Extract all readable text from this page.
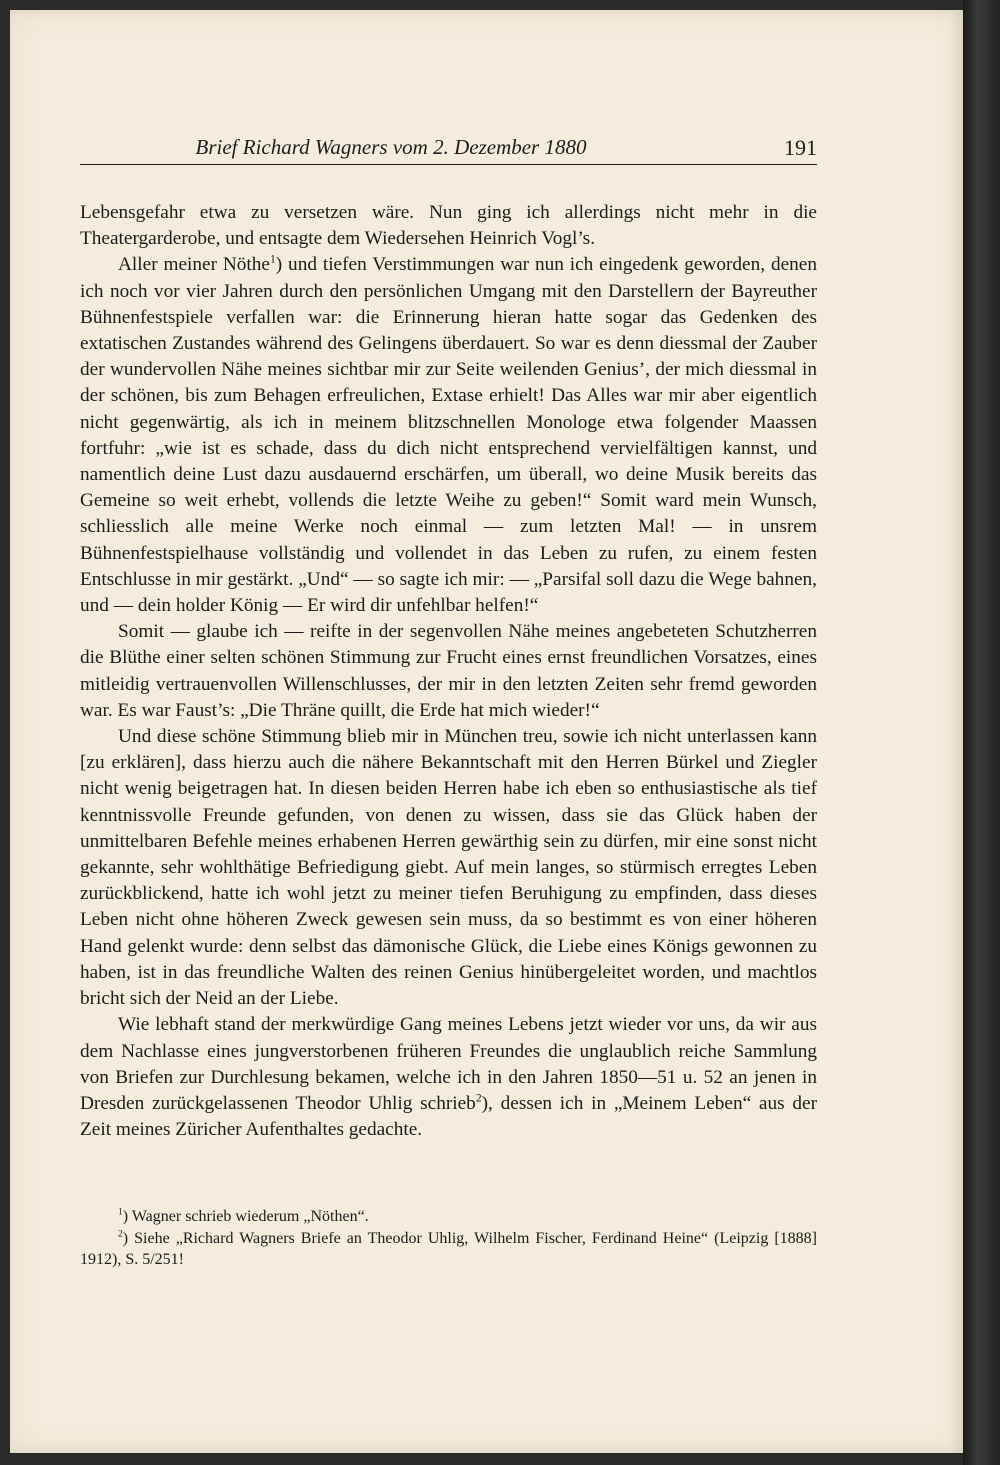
Brief Richard Wagners vom 2. Dezember 1880	191

Lebensgefahr etwa zu versetzen wäre. Nun ging ich allerdings nicht mehr in die Theatergarderobe, und entsagte dem Wiedersehen Heinrich Vogl’s.

Aller meiner Nöthe$^1$) und tiefen Verstimmungen war nun ich eingedenk geworden, denen ich noch vor vier Jahren durch den persönlichen Umgang mit den Darstellern der Bayreuther Bühnenfestspiele verfallen war: die Erinnerung hieran hatte sogar das Gedenken des extatischen Zustandes während des Gelingens überdauert. So war es denn diessmal der Zauber der wundervollen Nähe meines sichtbar mir zur Seite weilenden Genius’, der mich diessmal in der schönen, bis zum Behagen erfreulichen, Extase erhielt! Das Alles war mir aber eigentlich nicht gegenwärtig, als ich in meinem blitzschnellen Monologe etwa folgender Maassen fortfuhr: „wie ist es schade, dass du dich nicht entsprechend vervielfältigen kannst, und namentlich deine Lust dazu ausdauernd erschärfen, um überall, wo deine Musik bereits das Gemeine so weit erhebt, vollends die letzte Weihe zu geben!“ Somit ward mein Wunsch, schliesslich alle meine Werke noch einmal — zum letzten Mal! — in unsrem Bühnenfestspielhause vollständig und vollendet in das Leben zu rufen, zu einem festen Entschlusse in mir gestärkt. „Und“ — so sagte ich mir: — „Parsifal soll dazu die Wege bahnen, und — dein holder König — Er wird dir unfehlbar helfen!“

Somit — glaube ich — reifte in der segenvollen Nähe meines angebeteten Schutzherren die Blüthe einer selten schönen Stimmung zur Frucht eines ernst freundlichen Vorsatzes, eines mitleidig vertrauenvollen Willenschlusses, der mir in den letzten Zeiten sehr fremd geworden war. Es war Faust’s: „Die Thräne quillt, die Erde hat mich wieder!“

Und diese schöne Stimmung blieb mir in München treu, sowie ich nicht unterlassen kann [zu erklären], dass hierzu auch die nähere Bekanntschaft mit den Herren Bürkel und Ziegler nicht wenig beigetragen hat. In diesen beiden Herren habe ich eben so enthusiastische als tief kenntnissvolle Freunde gefunden, von denen zu wissen, dass sie das Glück haben der unmittelbaren Befehle meines erhabenen Herren gewärthig sein zu dürfen, mir eine sonst nicht gekannte, sehr wohlthätige Befriedigung giebt. Auf mein langes, so stürmisch erregtes Leben zurückblickend, hatte ich wohl jetzt zu meiner tiefen Beruhigung zu empfinden, dass dieses Leben nicht ohne höheren Zweck gewesen sein muss, da so bestimmt es von einer höheren Hand gelenkt wurde: denn selbst das dämonische Glück, die Liebe eines Königs gewonnen zu haben, ist in das freundliche Walten des reinen Genius hinübergeleitet worden, und machtlos bricht sich der Neid an der Liebe.

Wie lebhaft stand der merkwürdige Gang meines Lebens jetzt wieder vor uns, da wir aus dem Nachlasse eines jungverstorbenen früheren Freundes die unglaublich reiche Sammlung von Briefen zur Durchlesung bekamen, welche ich in den Jahren 1850—51 u. 52 an jenen in Dresden zurückgelassenen Theodor Uhlig schrieb$^2$), dessen ich in „Meinem Leben“ aus der Zeit meines Züricher Aufenthaltes gedachte.

$^1$) Wagner schrieb wiederum „Nöthen“.

$^2$) Siehe „Richard Wagners Briefe an Theodor Uhlig, Wilhelm Fischer, Ferdinand Heine“ (Leipzig [1888] 1912), S. 5/251!
